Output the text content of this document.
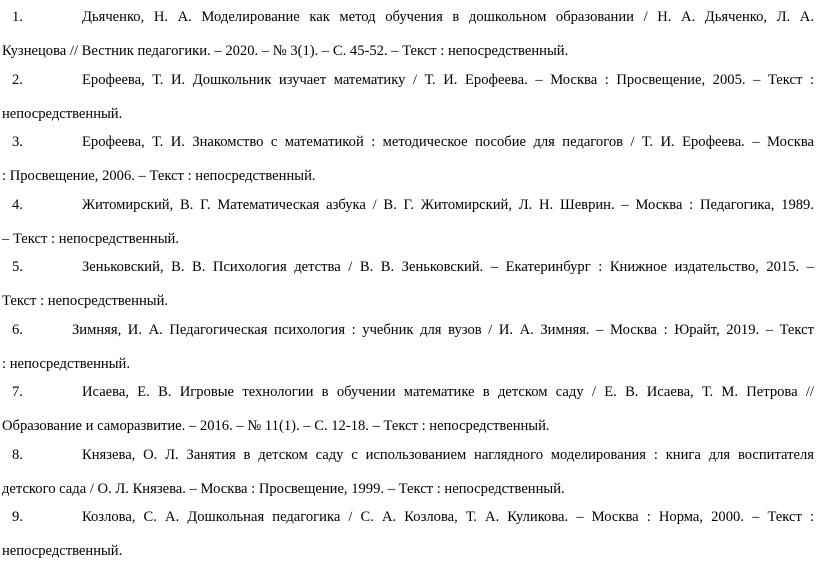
1.	Дьяченко, Н. А. Моделирование как метод обучения в дошкольном образовании / Н. А. Дьяченко, Л. А.
Кузнецова // Вестник педагогики. – 2020. – № 3(1). – С. 45-52. – Текст : непосредственный.
2.	Ерофеева, Т. И. Дошкольник изучает математику / Т. И. Ерофеева. – Москва : Просвещение, 2005. – Текст :
непосредственный.
3.	Ерофеева, Т. И. Знакомство с математикой : методическое пособие для педагогов / Т. И. Ерофеева. – Москва
: Просвещение, 2006. – Текст : непосредственный.
4.	Житомирский, В. Г. Математическая азбука / В. Г. Житомирский, Л. Н. Шеврин. – Москва : Педагогика, 1989.
– Текст : непосредственный.
5.	Зеньковский, В. В. Психология детства / В. В. Зеньковский. – Екатеринбург : Книжное издательство, 2015. –
Текст : непосредственный.
6.	Зимняя, И. А. Педагогическая психология : учебник для вузов / И. А. Зимняя. – Москва : Юрайт, 2019. – Текст
: непосредственный.
7.	Исаева, Е. В. Игровые технологии в обучении математике в детском саду / Е. В. Исаева, Т. М. Петрова //
Образование и саморазвитие. – 2016. – № 11(1). – С. 12-18. – Текст : непосредственный.
8.	Князева, О. Л. Занятия в детском саду с использованием наглядного моделирования : книга для воспитателя
детского сада / О. Л. Князева. – Москва : Просвещение, 1999. – Текст : непосредственный.
9.	Козлова, С. А. Дошкольная педагогика / С. А. Козлова, Т. А. Куликова. – Москва : Норма, 2000. – Текст :
непосредственный.
